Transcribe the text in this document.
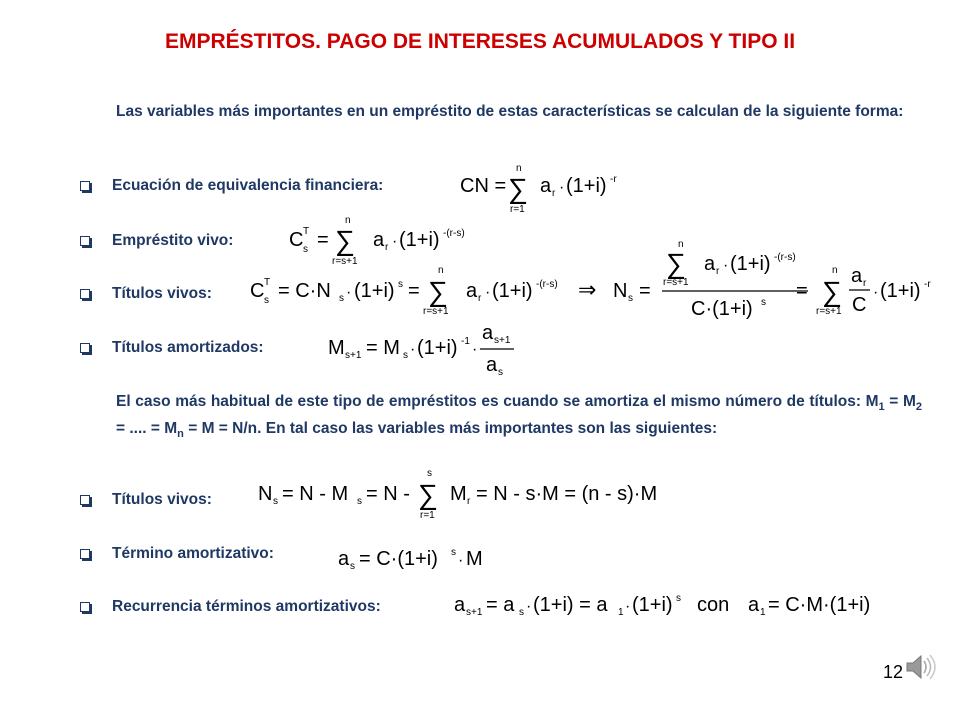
EMPRÉSTITOS. PAGO DE INTERESES ACUMULADOS Y TIPO II
Las variables más importantes en un empréstito de estas características se calculan de la siguiente forma:
Ecuación de equivalencia financiera:
Empréstito vivo:
Títulos vivos:
Títulos amortizados:
CN =
n
∑
r=1
a r · (1+i) -r
C T
s =
n
∑
r=s+1
a r · (1+i) -(r-s)
C T
s = C·N s · (1+i) s =
n
∑
r=s+1
a r · (1+i) -(r-s) ⇒ N s =
n
∑
r=s+1
a r · (1+i) -(r-s)
C·(1+i) s
=
n
∑
r=s+1
a r
C
· (1+i) -r
M s+1 = M s · (1+i) -1 ·
a s+1
a s
El caso más habitual de este tipo de empréstitos es cuando se amortiza el mismo número de títulos: $M_1 = M_2$ = .... = $M_n = M = N/n$. En tal caso las variables más importantes son las siguientes:
Títulos vivos:
Término amortizativo:
Recurrencia términos amortizativos:
N s = N - M s = N -
s
∑
r=1
M r = N - s·M = (n - s)·M
a s = C·(1+i) s · M
a s+1 = a s · (1+i) = a 1 · (1+i) s con a 1 = C·M·(1+i)
12
